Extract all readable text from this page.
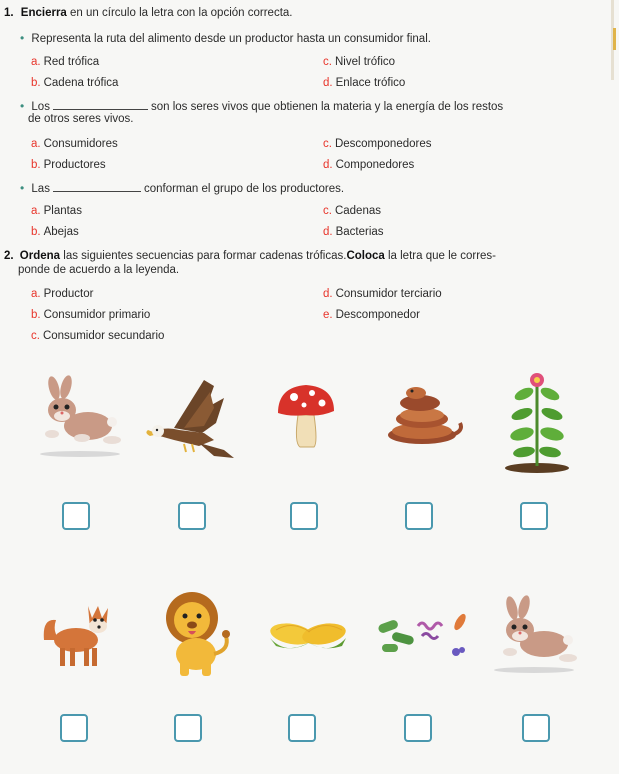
1. Encierra en un círculo la letra con la opción correcta.
• Representa la ruta del alimento desde un productor hasta un consumidor final.
a. Red trófica
b. Cadena trófica
c. Nivel trófico
d. Enlace trófico
• Los	son los seres vivos que obtienen la materia y la energía de los restos
de otros seres vivos.
a. Consumidores
b. Productores
c. Descomponedores
d. Componedores
• Las	conforman el grupo de los productores.
a. Plantas
b. Abejas
c. Cadenas
d. Bacterias
2. Ordena las siguientes secuencias para formar cadenas tróficas.Coloca la letra que le corres-
ponde de acuerdo a la leyenda.
a. Productor
b. Consumidor primario
c. Consumidor secundario
d. Consumidor terciario
e. Descomponedor
